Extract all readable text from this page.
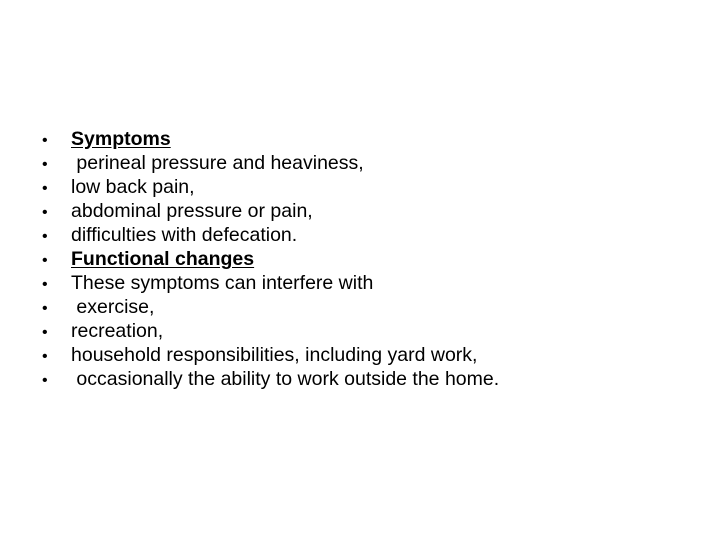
•	Symptoms
•	perineal pressure and heaviness,
•	low back pain,
•	abdominal pressure or pain,
•	difficulties with defecation.
•	Functional changes
•	These symptoms can interfere with
•	exercise,
•	recreation,
•	household responsibilities, including yard work,
•	occasionally the ability to work outside the home.
